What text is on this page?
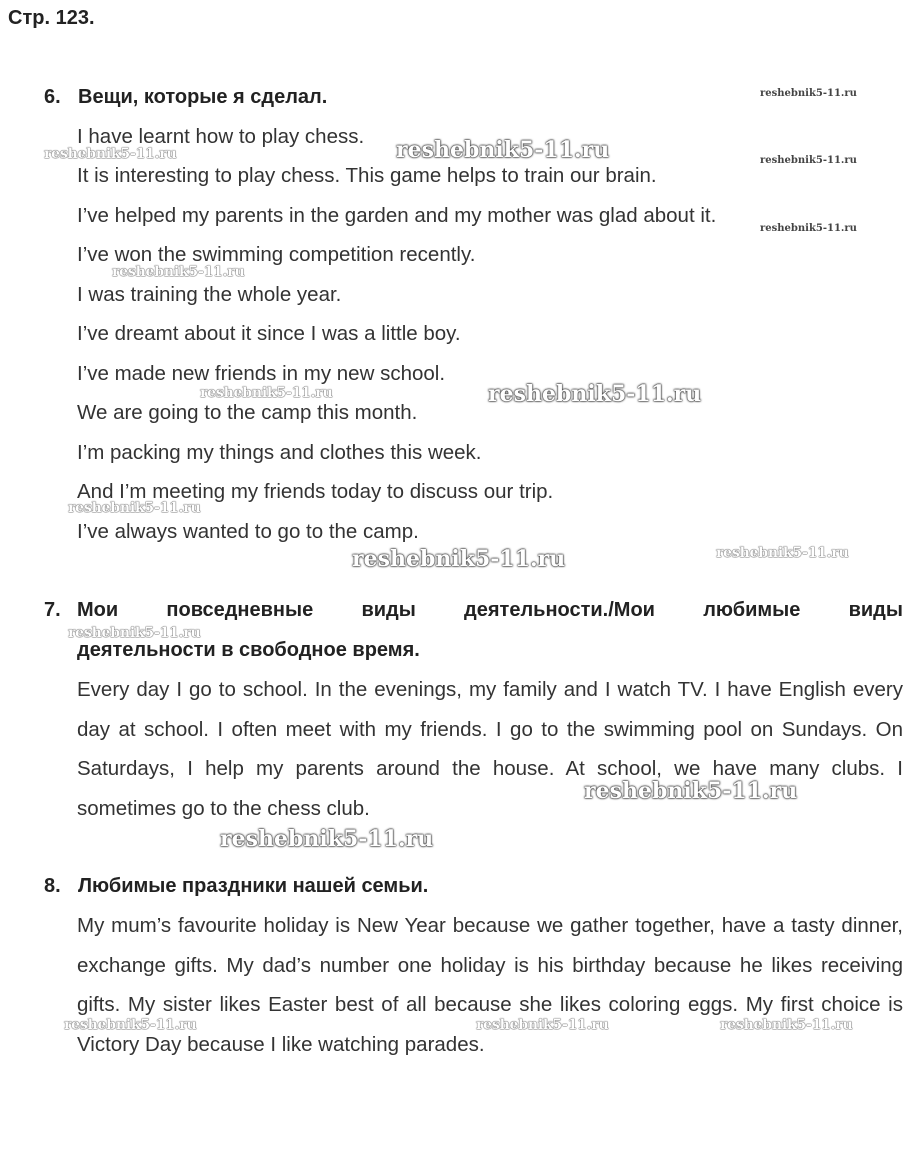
Стр. 123.
6. Вещи, которые я сделал.
I have learnt how to play chess.
It is interesting to play chess. This game helps to train our brain.
I’ve helped my parents in the garden and my mother was glad about it.
I’ve won the swimming competition recently.
I was training the whole year.
I’ve dreamt about it since I was a little boy.
I’ve made new friends in my new school.
We are going to the camp this month.
I’m packing my things and clothes this week.
And I’m meeting my friends today to discuss our trip.
I’ve always wanted to go to the camp.
7. Мои повседневные виды деятельности./Мои любимые виды
деятельности в свободное время.

Every day I go to school. In the evenings, my family and I watch TV. I have English every day at school. I often meet with my friends. I go to the swimming pool on Sundays. On Saturdays, I help my parents around the house. At school, we have many clubs. I sometimes go to the chess club.

8. Любимые праздники нашей семьи.

My mum’s favourite holiday is New Year because we gather together, have a tasty dinner, exchange gifts. My dad’s number one holiday is his birthday because he likes receiving gifts. My sister likes Easter best of all because she likes coloring eggs. My first choice is Victory Day because I like watching parades.

reshebnik5-11.ru
reshebnik5-11.ru	reshebnik5-11.ru	reshebnik5-11.ru
reshebnik5-11.ru
reshebnik5-11.ru
reshebnik5-11.ru	reshebnik5-11.ru
reshebnik5-11.ru
reshebnik5-11.ru	reshebnik5-11.ru
reshebnik5-11.ru
reshebnik5-11.ru
reshebnik5-11.ru
reshebnik5-11.ru	reshebnik5-11.ru	reshebnik5-11.ru
